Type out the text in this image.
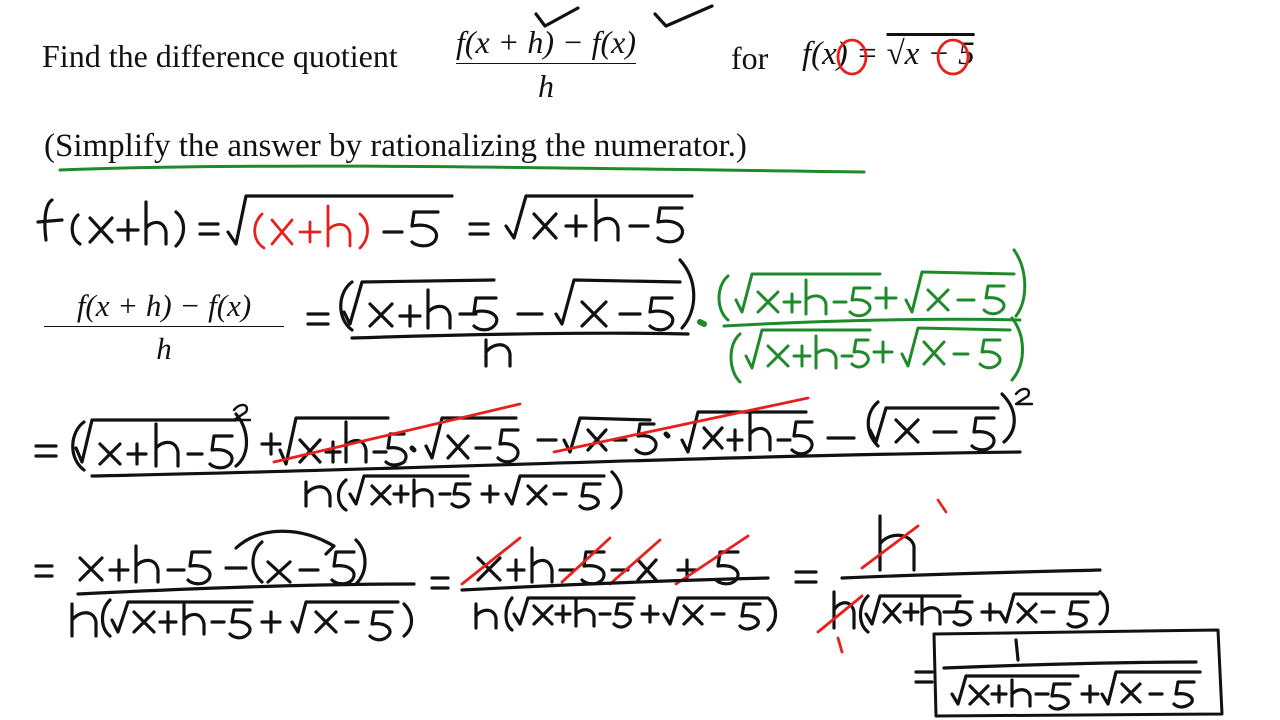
Find the difference quotient f(x + h) − f(x)
h
for f(x) = √x − 5
(Simplify the answer by rationalizing the numerator.)
f(x + h) − f(x)
h
